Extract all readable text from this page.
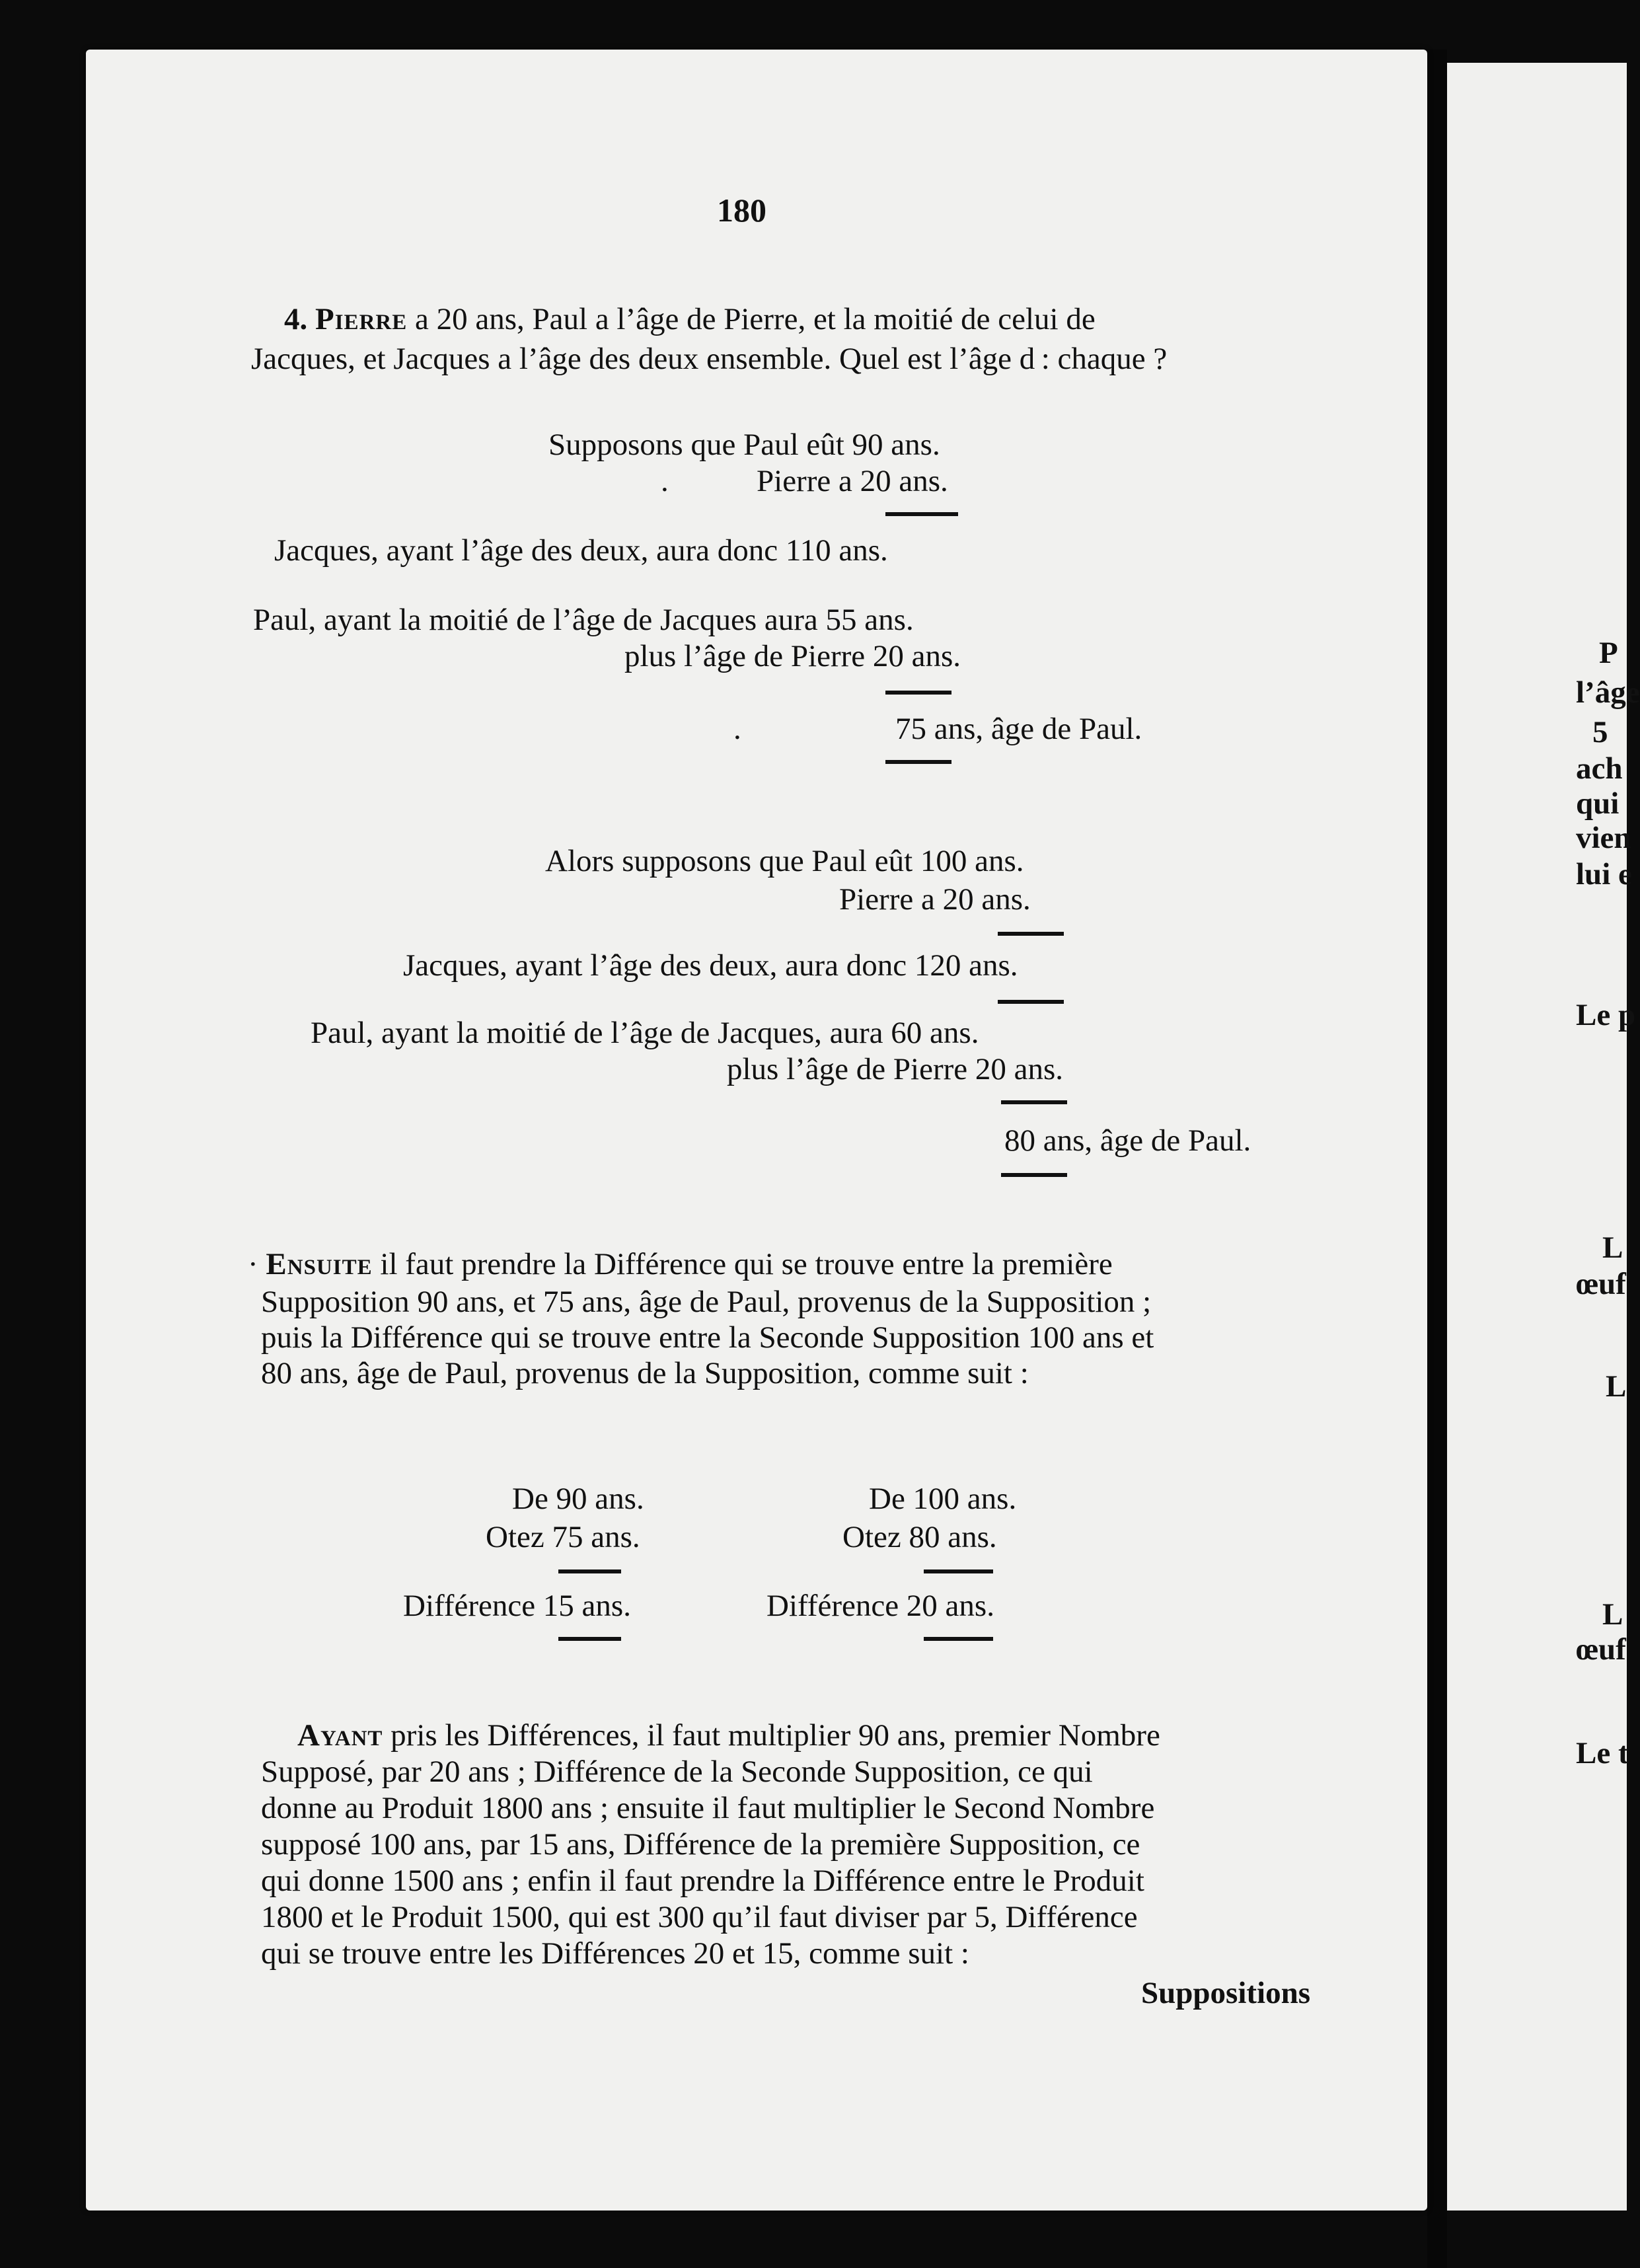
180
4. Pierre a 20 ans, Paul a l’âge de Pierre, et la moitié de celui de
Jacques, et Jacques a l’âge des deux ensemble. Quel est l’âge d : chaque ?
Supposons que Paul eût 90 ans.
.	Pierre a 20 ans.
Jacques, ayant l’âge des deux, aura donc 110 ans.
Paul, ayant la moitié de l’âge de Jacques aura 55 ans.
plus l’âge de Pierre 20 ans.
.	75 ans, âge de Paul.
Alors supposons que Paul eût 100 ans.
Pierre a 20 ans.
Jacques, ayant l’âge des deux, aura donc 120 ans.
Paul, ayant la moitié de l’âge de Jacques, aura 60 ans.
plus l’âge de Pierre 20 ans.
80 ans, âge de Paul.
· Ensuite il faut prendre la Différence qui se trouve entre la première
Supposition 90 ans, et 75 ans, âge de Paul, provenus de la Supposition ;
puis la Différence qui se trouve entre la Seconde Supposition 100 ans et
80 ans, âge de Paul, provenus de la Supposition, comme suit :
De 90 ans.
Otez 75 ans.
Différence 15 ans.
De 100 ans.
Otez 80 ans.
Différence 20 ans.
Ayant pris les Différences, il faut multiplier 90 ans, premier Nombre
Supposé, par 20 ans ; Différence de la Seconde Supposition, ce qui
donne au Produit 1800 ans ; ensuite il faut multiplier le Second Nombre
supposé 100 ans, par 15 ans, Différence de la première Supposition, ce
qui donne 1500 ans ; enfin il faut prendre la Différence entre le Produit
1800 et le Produit 1500, qui est 300 qu’il faut diviser par 5, Différence
qui se trouve entre les Différences 20 et 15, comme suit :
Suppositions
P
l’âge
5
ach
qui
vien
lui e
Le p
L
œuf
L
L
œuf
Le t
